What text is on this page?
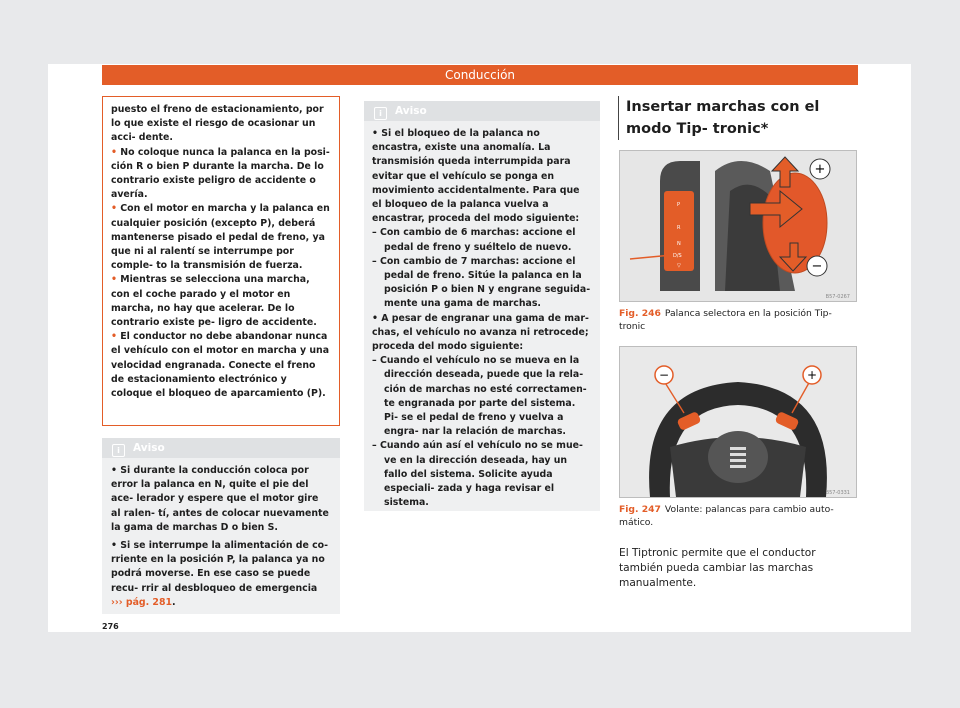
Conducción

puesto el freno de estacionamiento, por lo que existe el riesgo de ocasionar un acci- dente.

• No coloque nunca la palanca en la posi- ción R o bien P durante la marcha. De lo contrario existe peligro de accidente o avería.

• Con el motor en marcha y la palanca en cualquier posición (excepto P), deberá mantenerse pisado el pedal de freno, ya que ni al ralentí se interrumpe por comple- to la transmisión de fuerza.

• Mientras se selecciona una marcha, con el coche parado y el motor en marcha, no hay que acelerar. De lo contrario existe pe- ligro de accidente.

• El conductor no debe abandonar nunca el vehículo con el motor en marcha y una velocidad engranada. Conecte el freno de estacionamiento electrónico y coloque el bloqueo de aparcamiento (P).

i Aviso

• Si durante la conducción coloca por error la palanca en N, quite el pie del ace- lerador y espere que el motor gire al ralen- tí, antes de colocar nuevamente la gama de marchas D o bien S.

• Si se interrumpe la alimentación de co- rriente en la posición P, la palanca ya no podrá moverse. En ese caso se puede recu- rrir al desbloqueo de emergencia
››› pág. 281.

i Aviso

• Si el bloqueo de la palanca no encastra, existe una anomalía. La transmisión queda interrumpida para evitar que el vehículo se ponga en movimiento accidentalmente. Para que el bloqueo de la palanca vuelva a encastrar, proceda del modo siguiente:

– Con cambio de 6 marchas: accione el pedal de freno y suéltelo de nuevo.

– Con cambio de 7 marchas: accione el pedal de freno. Sitúe la palanca en la posición P o bien N y engrane seguida- mente una gama de marchas.

• A pesar de engranar una gama de mar- chas, el vehículo no avanza ni retrocede; proceda del modo siguiente:

– Cuando el vehículo no se mueva en la dirección deseada, puede que la rela- ción de marchas no esté correctamen- te engranada por parte del sistema. Pi- se el pedal de freno y vuelva a engra- nar la relación de marchas.

– Cuando aún así el vehículo no se mue- ve en la dirección deseada, hay un fallo del sistema. Solicite ayuda especiali- zada y haga revisar el sistema.

Insertar marchas con el modo Tip- tronic*
+
−
P
R
N
D/S
▽
B57-0267
Fig. 246 Palanca selectora en la posición Tip- tronic
−	+
B57-0331
Fig. 247 Volante: palancas para cambio auto- mático.
El Tiptronic permite que el conductor también pueda cambiar las marchas manualmente.
276
